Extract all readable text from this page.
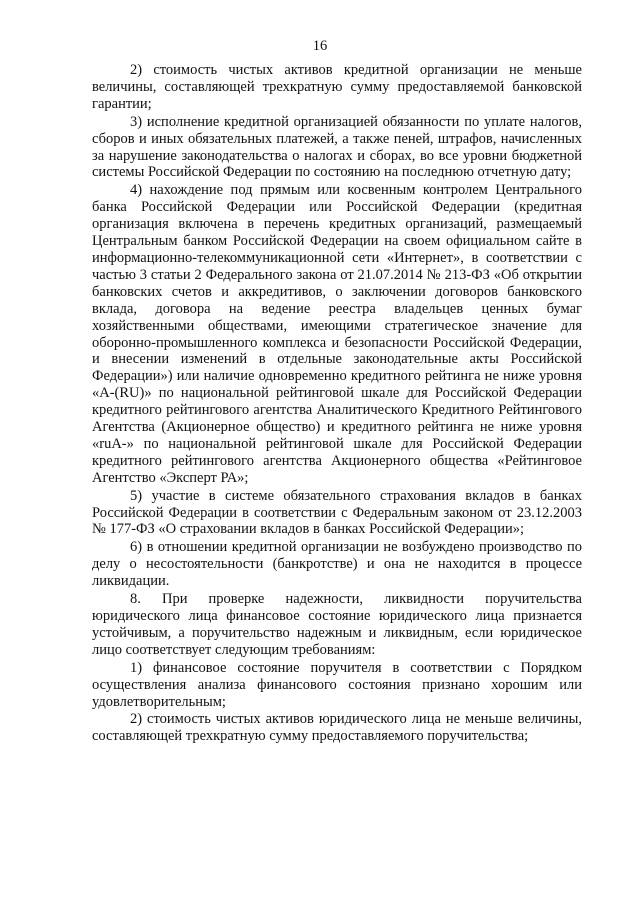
16

2) стоимость чистых активов кредитной организации не меньше величины, составляющей трехкратную сумму предоставляемой банковской гарантии;

3) исполнение кредитной организацией обязанности по уплате налогов, сборов и иных обязательных платежей, а также пеней, штрафов, начисленных за нарушение законодательства о налогах и сборах, во все уровни бюджетной системы Российской Федерации по состоянию на последнюю отчетную дату;

4) нахождение под прямым или косвенным контролем Центрального банка Российской Федерации или Российской Федерации (кредитная организация включена в перечень кредитных организаций, размещаемый Центральным банком Российской Федерации на своем официальном сайте в информационно-телекоммуникационной сети «Интернет», в соответствии с частью 3 статьи 2 Федерального закона от 21.07.2014 № 213-ФЗ «Об открытии банковских счетов и аккредитивов, о заключении договоров банковского вклада, договора на ведение реестра владельцев ценных бумаг хозяйственными обществами, имеющими стратегическое значение для оборонно-промышленного комплекса и безопасности Российской Федерации, и внесении изменений в отдельные законодательные акты Российской Федерации») или наличие одновременно кредитного рейтинга не ниже уровня «A-(RU)» по национальной рейтинговой шкале для Российской Федерации кредитного рейтингового агентства Аналитического Кредитного Рейтингового Агентства (Акционерное общество) и кредитного рейтинга не ниже уровня «ruA-» по национальной рейтинговой шкале для Российской Федерации кредитного рейтингового агентства Акционерного общества «Рейтинговое Агентство «Эксперт РА»;

5) участие в системе обязательного страхования вкладов в банках Российской Федерации в соответствии с Федеральным законом от 23.12.2003 № 177-ФЗ «О страховании вкладов в банках Российской Федерации»;

6) в отношении кредитной организации не возбуждено производство по делу о несостоятельности (банкротстве) и она не находится в процессе ликвидации.

8. При проверке надежности, ликвидности поручительства юридического лица финансовое состояние юридического лица признается устойчивым, а поручительство надежным и ликвидным, если юридическое лицо соответствует следующим требованиям:

1) финансовое состояние поручителя в соответствии с Порядком осуществления анализа финансового состояния признано хорошим или удовлетворительным;

2) стоимость чистых активов юридического лица не меньше величины, составляющей трехкратную сумму предоставляемого поручительства;
